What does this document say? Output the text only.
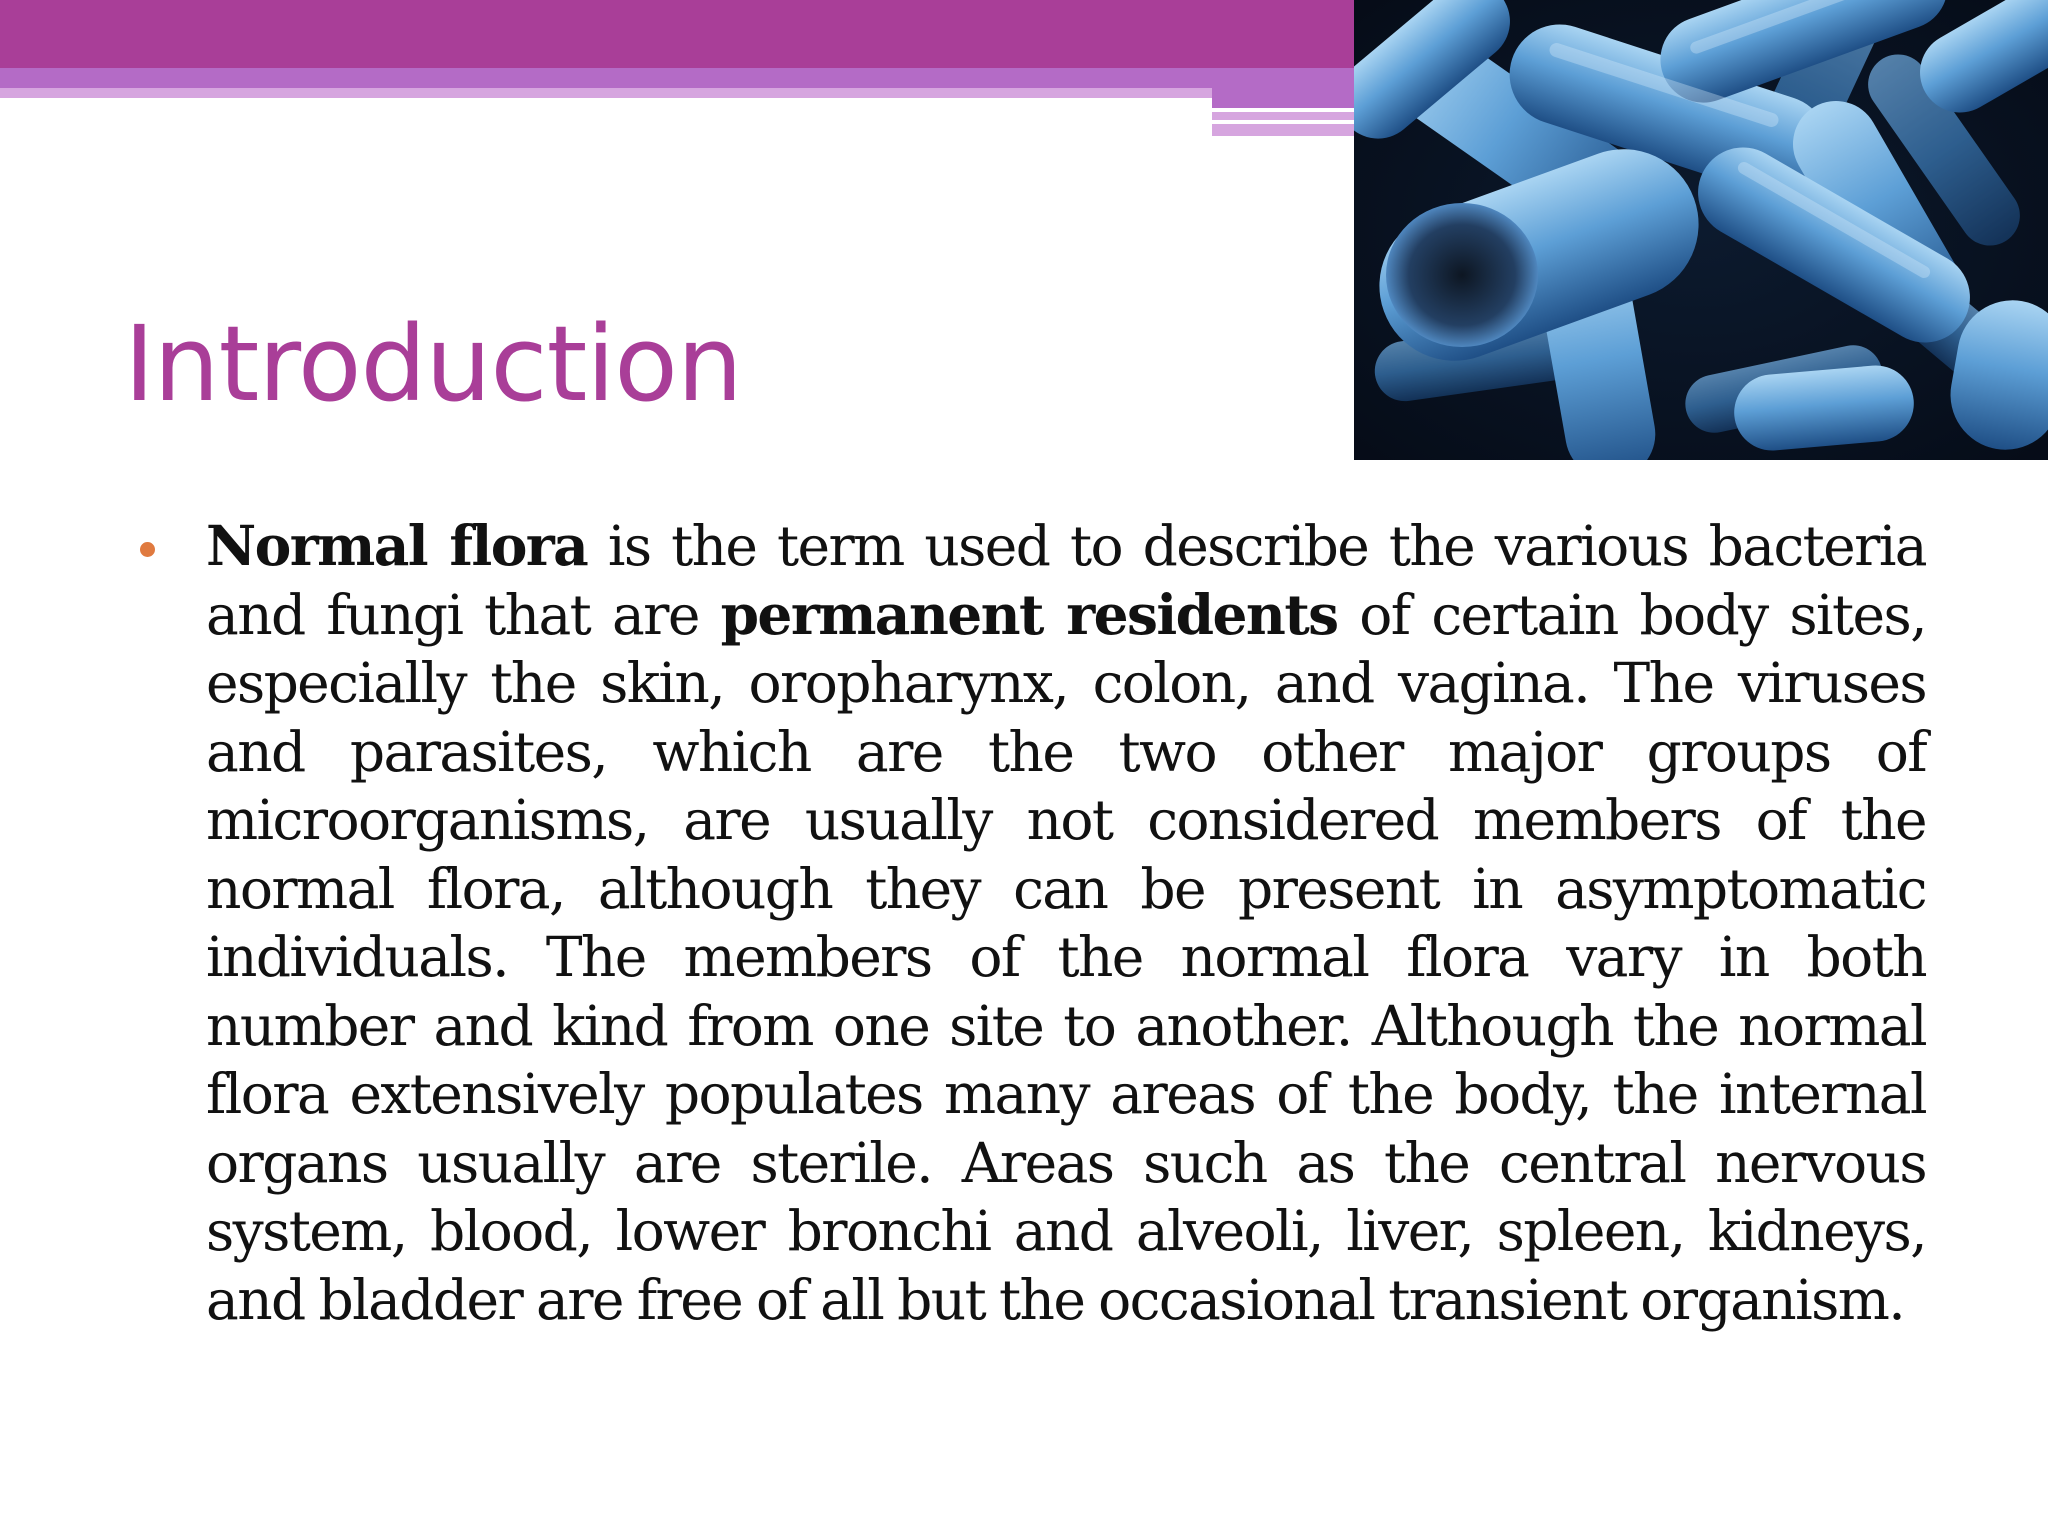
Introduction
Normal flora is the term used to describe the various bacteria and fungi that are permanent residents of certain body sites, especially the skin, oropharynx, colon, and vagina. The viruses and parasites, which are the two other major groups of microorganisms, are usually not considered members of the normal flora, although they can be present in asymptomatic individuals. The members of the normal flora vary in both number and kind from one site to another. Although the normal flora extensively populates many areas of the body, the internal organs usually are sterile. Areas such as the central nervous system, blood, lower bronchi and alveoli, liver, spleen, kidneys, and bladder are free of all but the occasional transient organism.
